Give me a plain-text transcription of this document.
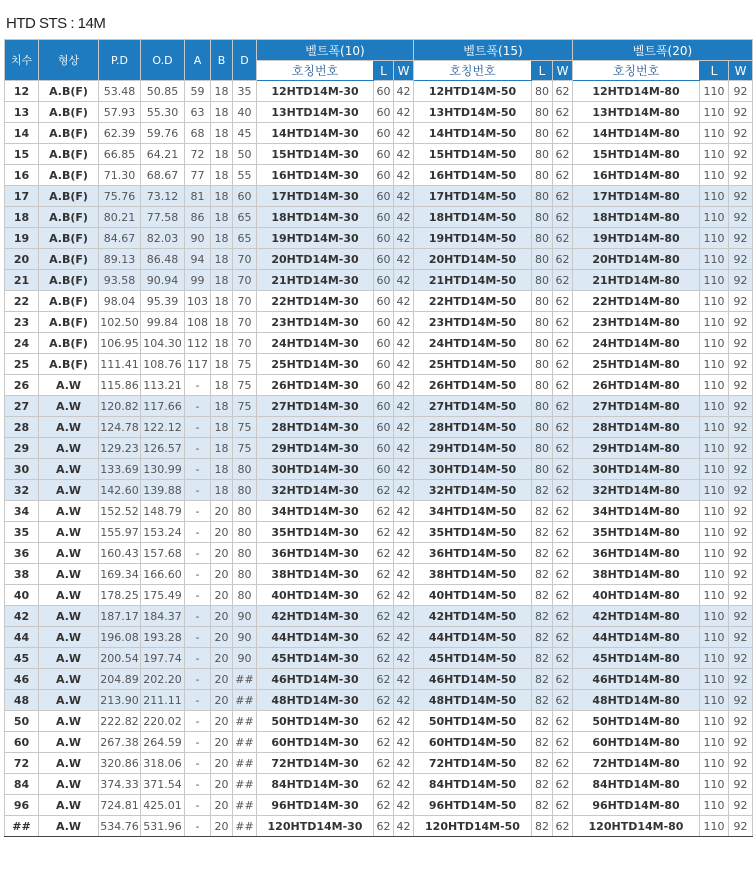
HTD STS : 14M
치수	형상	P.D	O.D	A	B	D	벨트폭(10)			벨트폭(15)			벨트폭(20)		
							호칭번호	L	W	호칭번호	L	W	호칭번호	L	W
12	A.B(F)	53.48	50.85	59	18	35	12HTD14M-30	60	42	12HTD14M-50	80	62	12HTD14M-80	110	92
13	A.B(F)	57.93	55.30	63	18	40	13HTD14M-30	60	42	13HTD14M-50	80	62	13HTD14M-80	110	92
14	A.B(F)	62.39	59.76	68	18	45	14HTD14M-30	60	42	14HTD14M-50	80	62	14HTD14M-80	110	92
15	A.B(F)	66.85	64.21	72	18	50	15HTD14M-30	60	42	15HTD14M-50	80	62	15HTD14M-80	110	92
16	A.B(F)	71.30	68.67	77	18	55	16HTD14M-30	60	42	16HTD14M-50	80	62	16HTD14M-80	110	92
17	A.B(F)	75.76	73.12	81	18	60	17HTD14M-30	60	42	17HTD14M-50	80	62	17HTD14M-80	110	92
18	A.B(F)	80.21	77.58	86	18	65	18HTD14M-30	60	42	18HTD14M-50	80	62	18HTD14M-80	110	92
19	A.B(F)	84.67	82.03	90	18	65	19HTD14M-30	60	42	19HTD14M-50	80	62	19HTD14M-80	110	92
20	A.B(F)	89.13	86.48	94	18	70	20HTD14M-30	60	42	20HTD14M-50	80	62	20HTD14M-80	110	92
21	A.B(F)	93.58	90.94	99	18	70	21HTD14M-30	60	42	21HTD14M-50	80	62	21HTD14M-80	110	92
22	A.B(F)	98.04	95.39	103	18	70	22HTD14M-30	60	42	22HTD14M-50	80	62	22HTD14M-80	110	92
23	A.B(F)	102.50	99.84	108	18	70	23HTD14M-30	60	42	23HTD14M-50	80	62	23HTD14M-80	110	92
24	A.B(F)	106.95	104.30	112	18	70	24HTD14M-30	60	42	24HTD14M-50	80	62	24HTD14M-80	110	92
25	A.B(F)	111.41	108.76	117	18	75	25HTD14M-30	60	42	25HTD14M-50	80	62	25HTD14M-80	110	92
26	A.W	115.86	113.21	-	18	75	26HTD14M-30	60	42	26HTD14M-50	80	62	26HTD14M-80	110	92
27	A.W	120.82	117.66	-	18	75	27HTD14M-30	60	42	27HTD14M-50	80	62	27HTD14M-80	110	92
28	A.W	124.78	122.12	-	18	75	28HTD14M-30	60	42	28HTD14M-50	80	62	28HTD14M-80	110	92
29	A.W	129.23	126.57	-	18	75	29HTD14M-30	60	42	29HTD14M-50	80	62	29HTD14M-80	110	92
30	A.W	133.69	130.99	-	18	80	30HTD14M-30	60	42	30HTD14M-50	80	62	30HTD14M-80	110	92
32	A.W	142.60	139.88	-	18	80	32HTD14M-30	62	42	32HTD14M-50	82	62	32HTD14M-80	110	92
34	A.W	152.52	148.79	-	20	80	34HTD14M-30	62	42	34HTD14M-50	82	62	34HTD14M-80	110	92
35	A.W	155.97	153.24	-	20	80	35HTD14M-30	62	42	35HTD14M-50	82	62	35HTD14M-80	110	92
36	A.W	160.43	157.68	-	20	80	36HTD14M-30	62	42	36HTD14M-50	82	62	36HTD14M-80	110	92
38	A.W	169.34	166.60	-	20	80	38HTD14M-30	62	42	38HTD14M-50	82	62	38HTD14M-80	110	92
40	A.W	178.25	175.49	-	20	80	40HTD14M-30	62	42	40HTD14M-50	82	62	40HTD14M-80	110	92
42	A.W	187.17	184.37	-	20	90	42HTD14M-30	62	42	42HTD14M-50	82	62	42HTD14M-80	110	92
44	A.W	196.08	193.28	-	20	90	44HTD14M-30	62	42	44HTD14M-50	82	62	44HTD14M-80	110	92
45	A.W	200.54	197.74	-	20	90	45HTD14M-30	62	42	45HTD14M-50	82	62	45HTD14M-80	110	92
46	A.W	204.89	202.20	-	20	##	46HTD14M-30	62	42	46HTD14M-50	82	62	46HTD14M-80	110	92
48	A.W	213.90	211.11	-	20	##	48HTD14M-30	62	42	48HTD14M-50	82	62	48HTD14M-80	110	92
50	A.W	222.82	220.02	-	20	##	50HTD14M-30	62	42	50HTD14M-50	82	62	50HTD14M-80	110	92
60	A.W	267.38	264.59	-	20	##	60HTD14M-30	62	42	60HTD14M-50	82	62	60HTD14M-80	110	92
72	A.W	320.86	318.06	-	20	##	72HTD14M-30	62	42	72HTD14M-50	82	62	72HTD14M-80	110	92
84	A.W	374.33	371.54	-	20	##	84HTD14M-30	62	42	84HTD14M-50	82	62	84HTD14M-80	110	92
96	A.W	724.81	425.01	-	20	##	96HTD14M-30	62	42	96HTD14M-50	82	62	96HTD14M-80	110	92
##	A.W	534.76	531.96	-	20	##	120HTD14M-30	62	42	120HTD14M-50	82	62	120HTD14M-80	110	92
